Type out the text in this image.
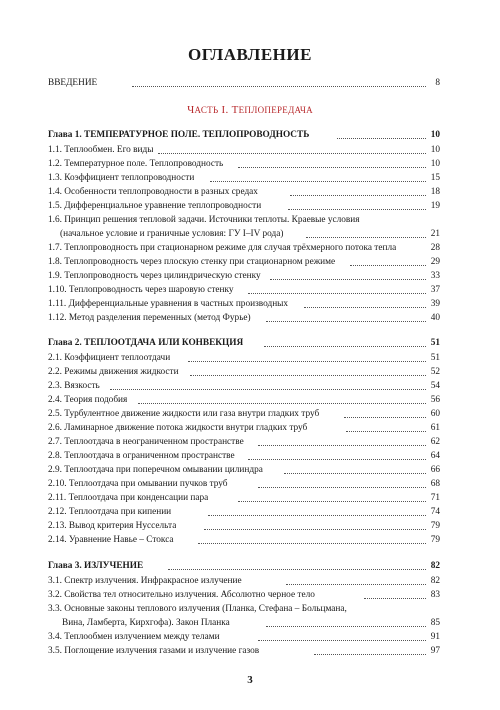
ОГЛАВЛЕНИЕ
ВВЕДЕНИЕ	8
ЧАСТЬ I. ТЕПЛОПЕРЕДАЧА
Глава 1. ТЕМПЕРАТУРНОЕ ПОЛЕ. ТЕПЛОПРОВОДНОСТЬ	10
1.1. Теплообмен. Его виды	10
1.2. Температурное поле. Теплопроводность	10
1.3. Коэффициент теплопроводности	15
1.4. Особенности теплопроводности в разных средах	18
1.5. Дифференциальное уравнение теплопроводности	19
1.6. Принцип решения тепловой задачи. Источники теплоты. Краевые условия
(начальное условие и граничные условия: ГУ I–IV рода)	21
1.7. Теплопроводность при стационарном режиме для случая трёхмерного потока тепла	28
1.8. Теплопроводность через плоскую стенку при стационарном режиме	29
1.9. Теплопроводность через цилиндрическую стенку	33
1.10. Теплопроводность через шаровую стенку	37
1.11. Дифференциальные уравнения в частных производных	39
1.12. Метод разделения переменных (метод Фурье)	40
Глава 2. ТЕПЛООТДАЧА ИЛИ КОНВЕКЦИЯ	51
2.1. Коэффициент теплоотдачи	51
2.2. Режимы движения жидкости	52
2.3. Вязкость	54
2.4. Теория подобия	56
2.5. Турбулентное движение жидкости или газа внутри гладких труб	60
2.6. Ламинарное движение потока жидкости внутри гладких труб	61
2.7. Теплоотдача в неограниченном пространстве	62
2.8. Теплоотдача в ограниченном пространстве	64
2.9. Теплоотдача при поперечном омывании цилиндра	66
2.10. Теплоотдача при омывании пучков труб	68
2.11. Теплоотдача при конденсации пара	71
2.12. Теплоотдача при кипении	74
2.13. Вывод критерия Нуссельта	79
2.14. Уравнение Навье – Стокса	79
Глава 3. ИЗЛУЧЕНИЕ	82
3.1. Спектр излучения. Инфракрасное излучение	82
3.2. Свойства тел относительно излучения. Абсолютно черное тело	83
3.3. Основные законы теплового излучения (Планка, Стефана – Больцмана,
Вина, Ламберта, Кирхгофа). Закон Планка	85
3.4. Теплообмен излучением между телами	91
3.5. Поглощение излучения газами и излучение газов	97
3
